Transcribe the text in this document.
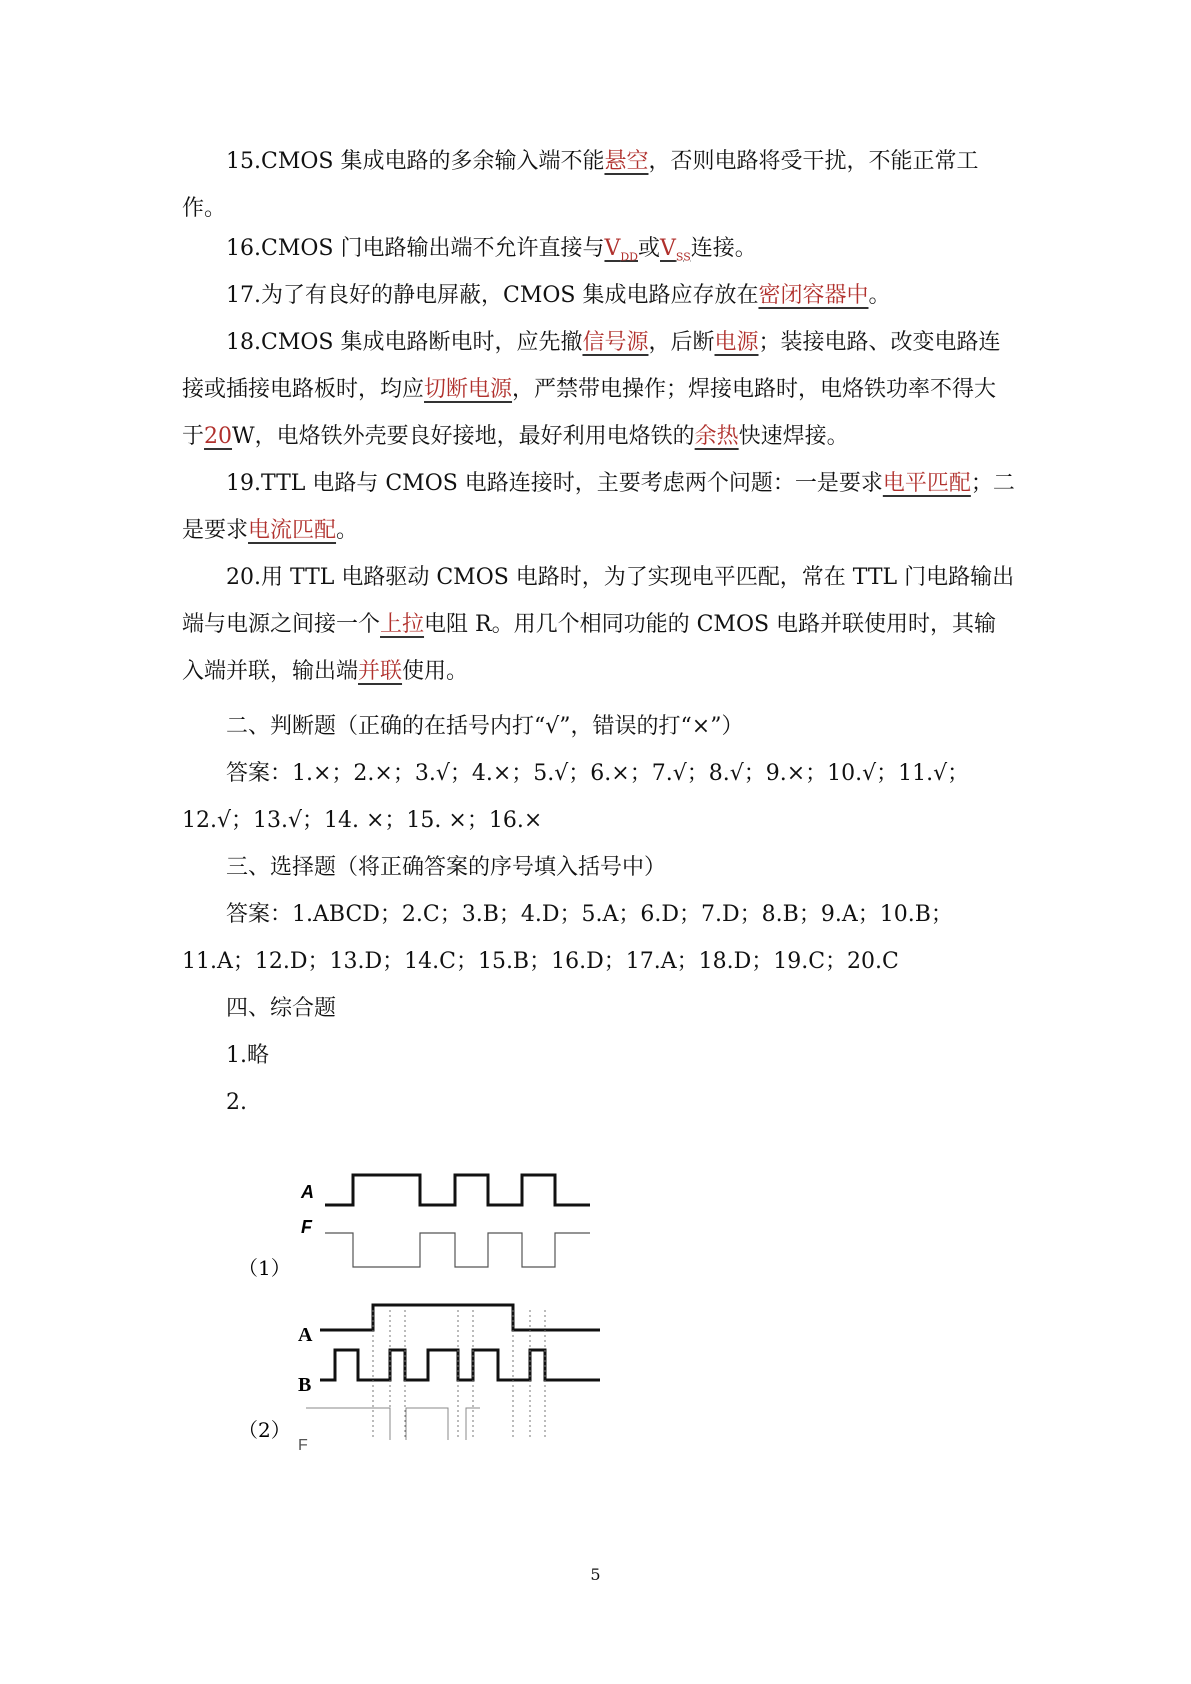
15.CMOS 集成电路的多余输入端不能悬空，否则电路将受干扰，不能正常工作。

16.CMOS 门电路输出端不允许直接与$V_{DD}$或$V_{SS}$连接。

17.为了有良好的静电屏蔽，CMOS 集成电路应存放在密闭容器中。

18.CMOS 集成电路断电时，应先撤信号源，后断电源；装接电路、改变电路连接或插接电路板时，均应切断电源，严禁带电操作；焊接电路时，电烙铁功率不得大于20W，电烙铁外壳要良好接地，最好利用电烙铁的余热快速焊接。

19.TTL 电路与 CMOS 电路连接时，主要考虑两个问题：一是要求电平匹配；二是要求电流匹配。

20.用 TTL 电路驱动 CMOS 电路时，为了实现电平匹配，常在 TTL 门电路输出端与电源之间接一个上拉电阻 R。用几个相同功能的 CMOS 电路并联使用时，其输入端并联，输出端并联使用。

二、判断题（正确的在括号内打“√”，错误的打“×”）

答案：1.×；2.×；3.√；4.×；5.√；6.×；7.√；8.√；9.×；10.√；11.√；12.√；13.√；14. ×；15. ×；16.×

三、选择题（将正确答案的序号填入括号中）

答案：1.ABCD；2.C；3.B；4.D；5.A；6.D；7.D；8.B；9.A；10.B；11.A；12.D；13.D；14.C；15.B；16.D；17.A；18.D；19.C；20.C

四、综合题

1.略

2.

A
F
（1）
A
B
F
（2）
5
